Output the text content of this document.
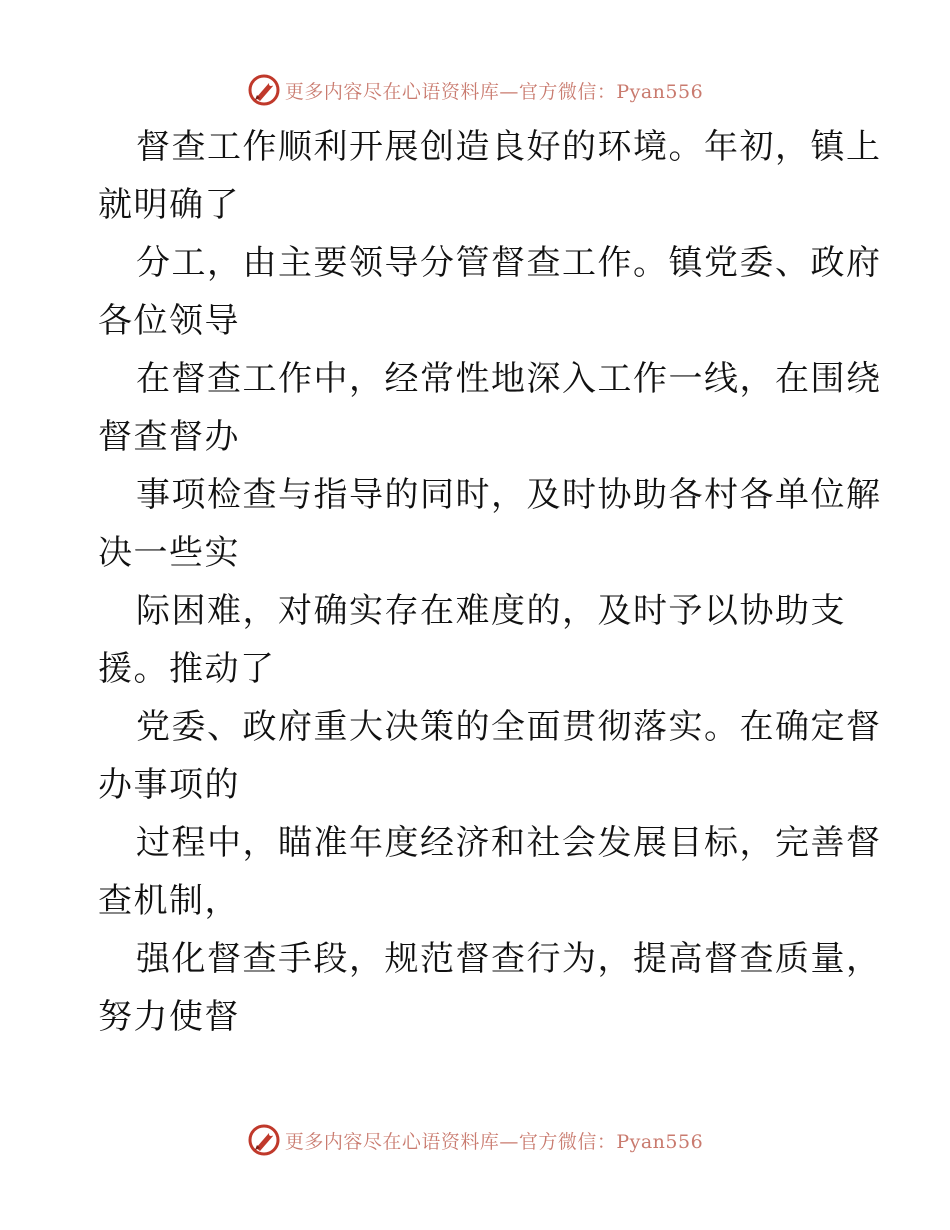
更多内容尽在心语资料库—官方微信：Pyan556
督查工作顺利开展创造良好的环境。年初，镇上
就明确了
分工，由主要领导分管督查工作。镇党委、政府
各位领导
在督查工作中，经常性地深入工作一线，在围绕
督查督办
事项检查与指导的同时，及时协助各村各单位解
决一些实
际困难，对确实存在难度的，及时予以协助支
援。推动了
党委、政府重大决策的全面贯彻落实。在确定督
办事项的
过程中，瞄准年度经济和社会发展目标，完善督
查机制，
强化督查手段，规范督查行为，提高督查质量，
努力使督
更多内容尽在心语资料库—官方微信：Pyan556
